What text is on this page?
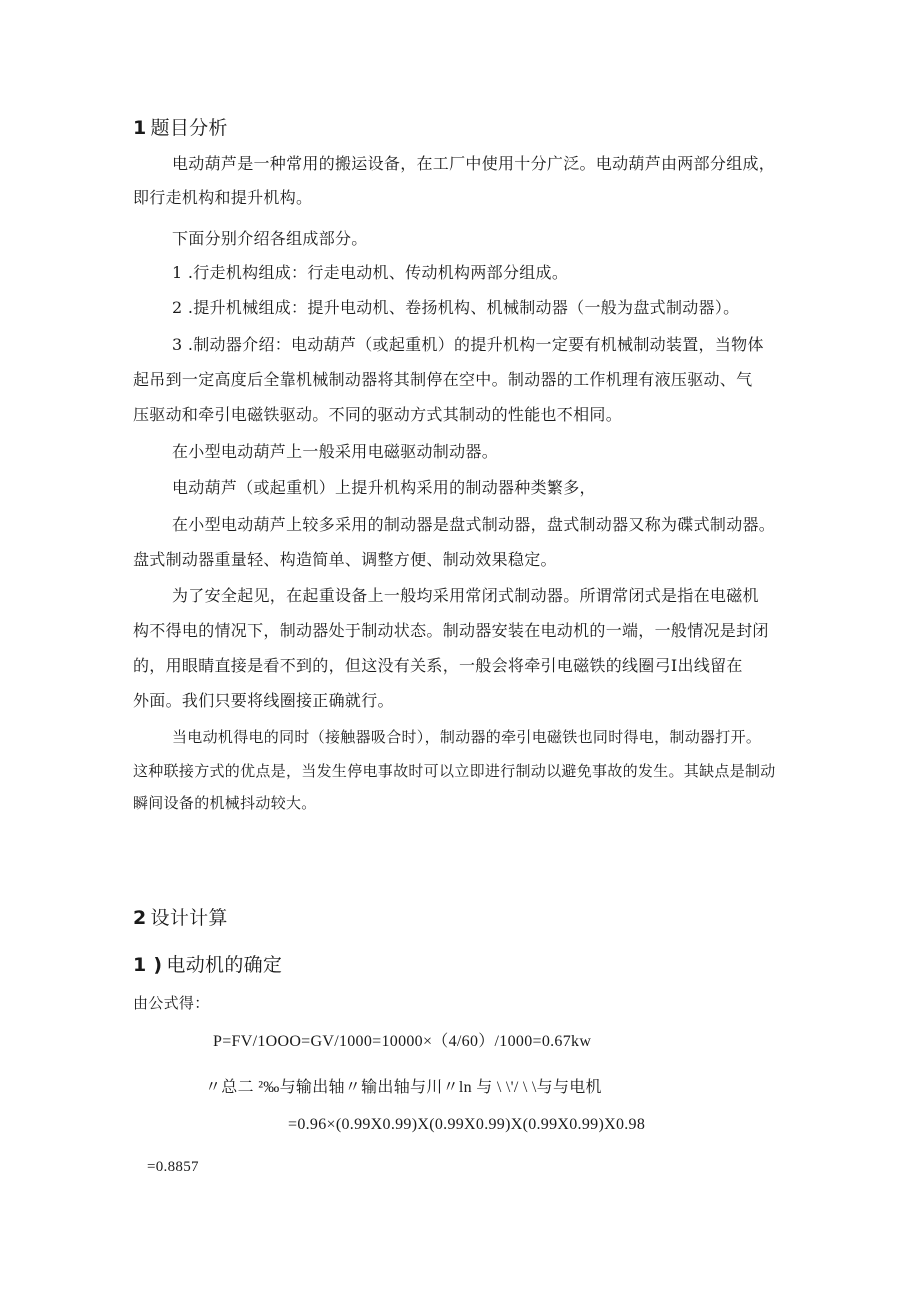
1 题目分析
电动葫芦是一种常用的搬运设备，在工厂中使用十分广泛。电动葫芦由两部分组成，
即行走机构和提升机构。
下面分别介绍各组成部分。
1 .行走机构组成：行走电动机、传动机构两部分组成。
2 .提升机械组成：提升电动机、卷扬机构、机械制动器（一般为盘式制动器）。
3 .制动器介绍：电动葫芦（或起重机）的提升机构一定要有机械制动装置，当物体
起吊到一定高度后全靠机械制动器将其制停在空中。制动器的工作机理有液压驱动、气
压驱动和牵引电磁铁驱动。不同的驱动方式其制动的性能也不相同。
在小型电动葫芦上一般采用电磁驱动制动器。
电动葫芦（或起重机）上提升机构采用的制动器种类繁多，
在小型电动葫芦上较多采用的制动器是盘式制动器，盘式制动器又称为碟式制动器。
盘式制动器重量轻、构造简单、调整方便、制动效果稳定。
为了安全起见，在起重设备上一般均采用常闭式制动器。所谓常闭式是指在电磁机
构不得电的情况下，制动器处于制动状态。制动器安装在电动机的一端，一般情况是封闭
的，用眼睛直接是看不到的，但这没有关系，一般会将牵引电磁铁的线圈弓I出线留在
外面。我们只要将线圈接正确就行。
当电动机得电的同时（接触器吸合时），制动器的牵引电磁铁也同时得电，制动器打开。
这种联接方式的优点是，当发生停电事故时可以立即进行制动以避免事故的发生。其缺点是制动
瞬间设备的机械抖动较大。
2 设计计算
1 ) 电动机的确定
由公式得：
P=FV/1OOO=GV/1000=10000×（4/60）/1000=0.67kw
〃总二 ²‰与输出轴〃输出轴与川〃ln 与 \ \'/ \ \与与电机
=0.96×(0.99X0.99)X(0.99X0.99)X(0.99X0.99)X0.98
=0.8857
